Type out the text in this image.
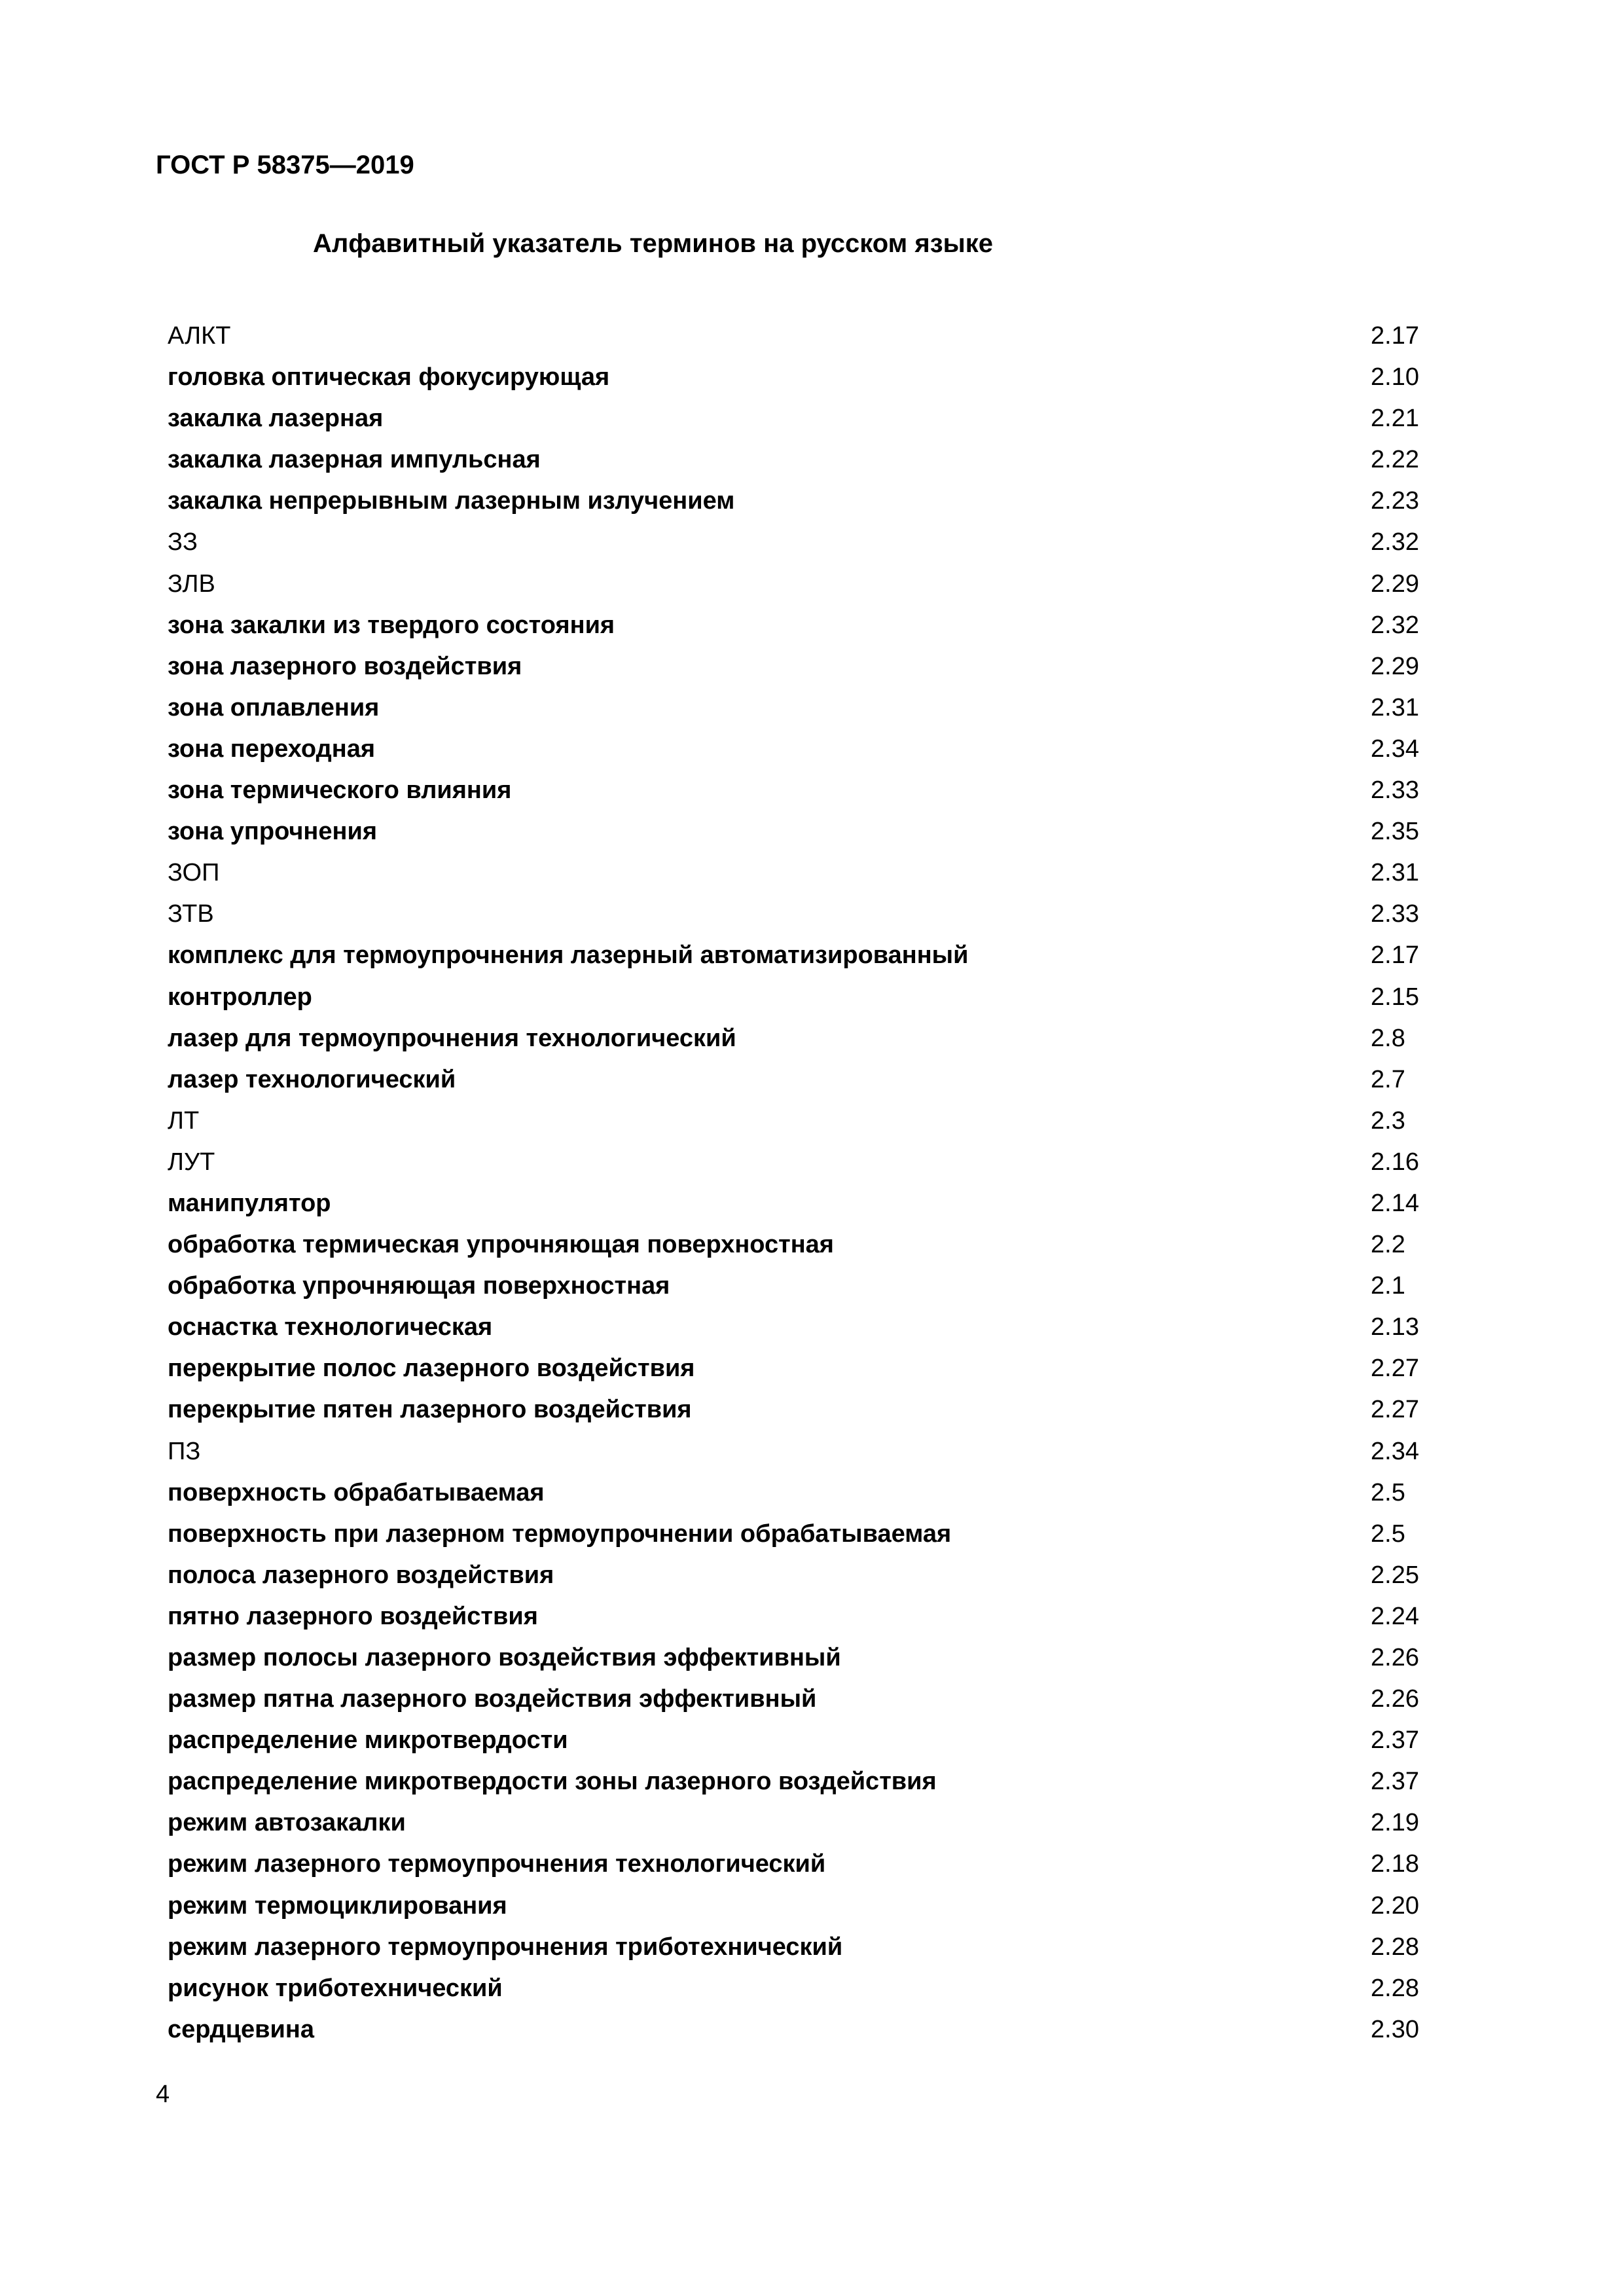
ГОСТ Р 58375—2019
Алфавитный указатель терминов на русском языке
АЛКТ	2.17
головка оптическая фокусирующая	2.10
закалка лазерная	2.21
закалка лазерная импульсная	2.22
закалка непрерывным лазерным излучением	2.23
ЗЗ	2.32
ЗЛВ	2.29
зона закалки из твердого состояния	2.32
зона лазерного воздействия	2.29
зона оплавления	2.31
зона переходная	2.34
зона термического влияния	2.33
зона упрочнения	2.35
ЗОП	2.31
ЗТВ	2.33
комплекс для термоупрочнения лазерный автоматизированный	2.17
контроллер	2.15
лазер для термоупрочнения технологический	2.8
лазер технологический	2.7
ЛТ	2.3
ЛУТ	2.16
манипулятор	2.14
обработка термическая упрочняющая поверхностная	2.2
обработка упрочняющая поверхностная	2.1
оснастка технологическая	2.13
перекрытие полос лазерного воздействия	2.27
перекрытие пятен лазерного воздействия	2.27
ПЗ	2.34
поверхность обрабатываемая	2.5
поверхность при лазерном термоупрочнении обрабатываемая	2.5
полоса лазерного воздействия	2.25
пятно лазерного воздействия	2.24
размер полосы лазерного воздействия эффективный	2.26
размер пятна лазерного воздействия эффективный	2.26
распределение микротвердости	2.37
распределение микротвердости зоны лазерного воздействия	2.37
режим автозакалки	2.19
режим лазерного термоупрочнения технологический	2.18
режим термоциклирования	2.20
режим лазерного термоупрочнения триботехнический	2.28
рисунок триботехнический	2.28
сердцевина	2.30
4
